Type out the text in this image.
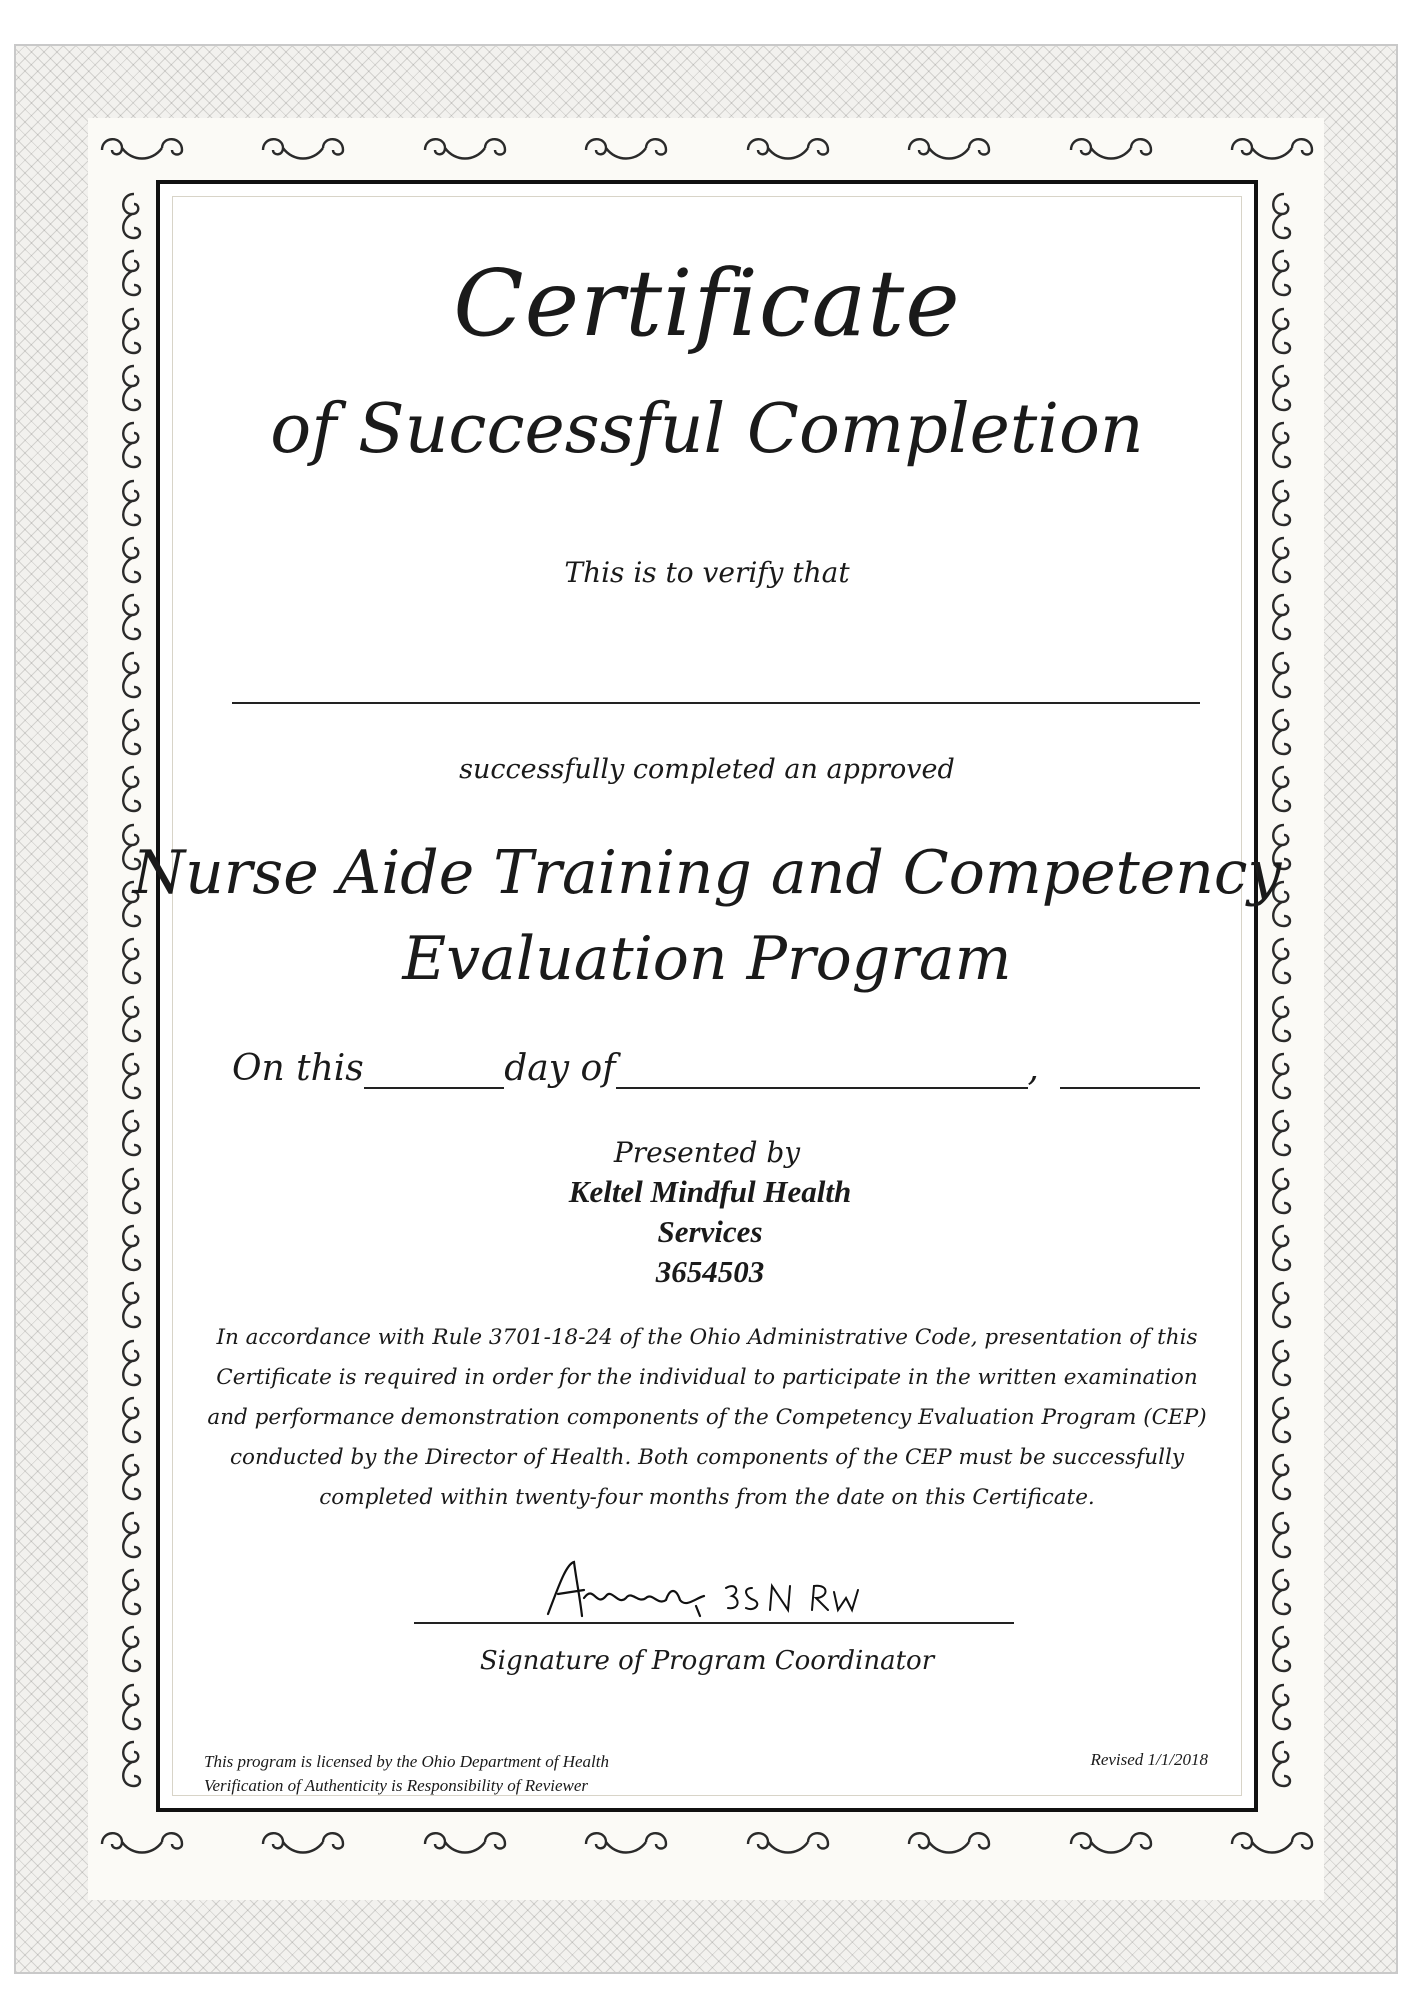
Certificate
of Successful Completion
This is to verify that
successfully completed an approved
Nurse Aide Training and Competency
Evaluation Program
On this	day of	,
Presented by
Keltel Mindful Health Services
3654503
In accordance with Rule 3701-18-24 of the Ohio Administrative Code, presentation of this Certificate is required in order for the individual to participate in the written examination and performance demonstration components of the Competency Evaluation Program (CEP) conducted by the Director of Health. Both components of the CEP must be successfully completed within twenty-four months from the date on this Certificate.
Signature of Program Coordinator
This program is licensed by the Ohio Department of Health
Verification of Authenticity is Responsibility of Reviewer
Revised 1/1/2018
